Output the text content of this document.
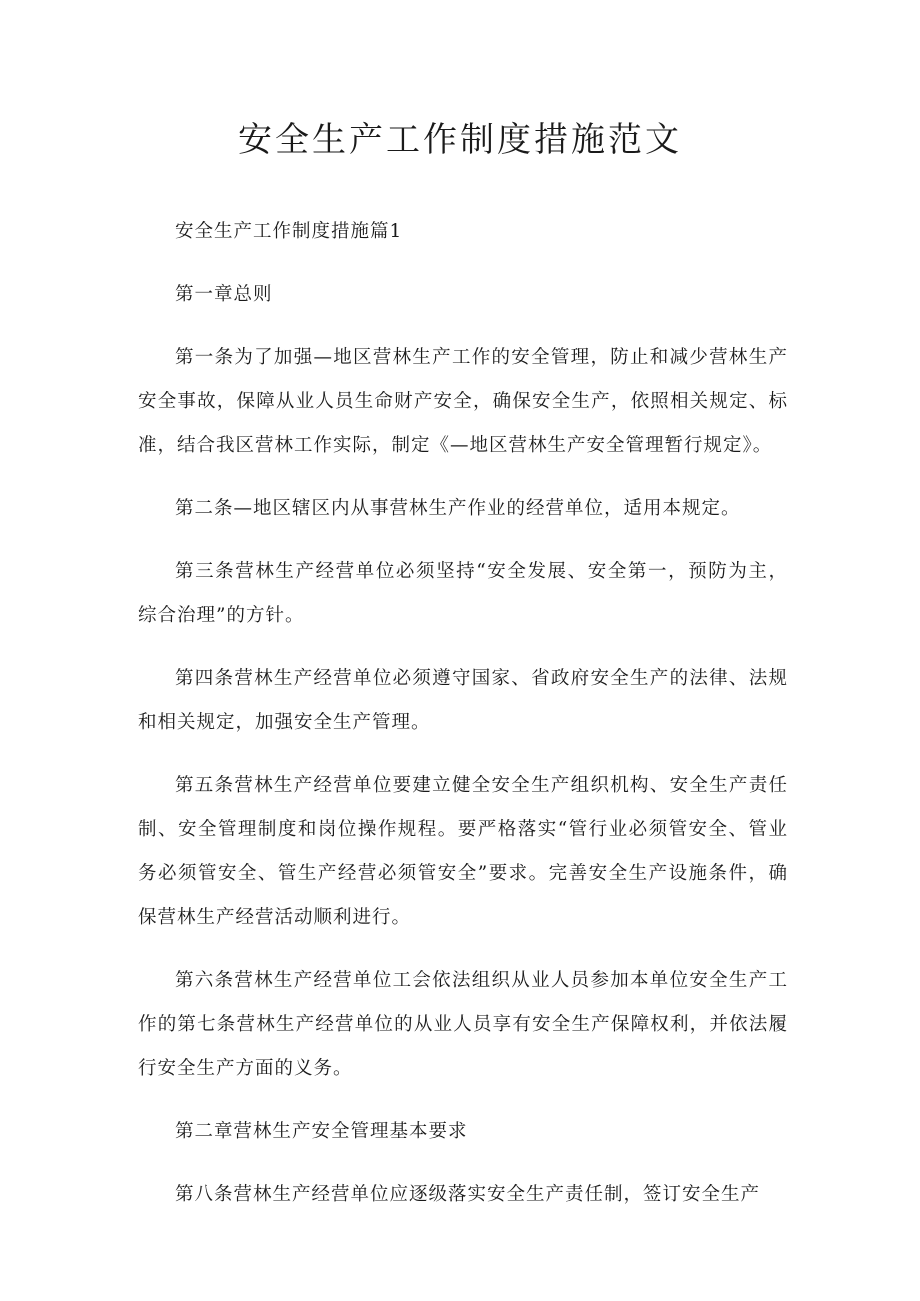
安全生产工作制度措施范文

安全生产工作制度措施篇1

第一章总则

第一条为了加强—地区营林生产工作的安全管理，防止和减少营林生产安全事故，保障从业人员生命财产安全，确保安全生产，依照相关规定、标准，结合我区营林工作实际，制定《—地区营林生产安全管理暂行规定》。

第二条—地区辖区内从事营林生产作业的经营单位，适用本规定。

第三条营林生产经营单位必须坚持“安全发展、安全第一，预防为主，综合治理”的方针。

第四条营林生产经营单位必须遵守国家、省政府安全生产的法律、法规和相关规定，加强安全生产管理。

第五条营林生产经营单位要建立健全安全生产组织机构、安全生产责任制、安全管理制度和岗位操作规程。要严格落实“管行业必须管安全、管业务必须管安全、管生产经营必须管安全”要求。完善安全生产设施条件，确保营林生产经营活动顺利进行。

第六条营林生产经营单位工会依法组织从业人员参加本单位安全生产工作的第七条营林生产经营单位的从业人员享有安全生产保障权利，并依法履行安全生产方面的义务。

第二章营林生产安全管理基本要求

第八条营林生产经营单位应逐级落实安全生产责任制，签订安全生产
